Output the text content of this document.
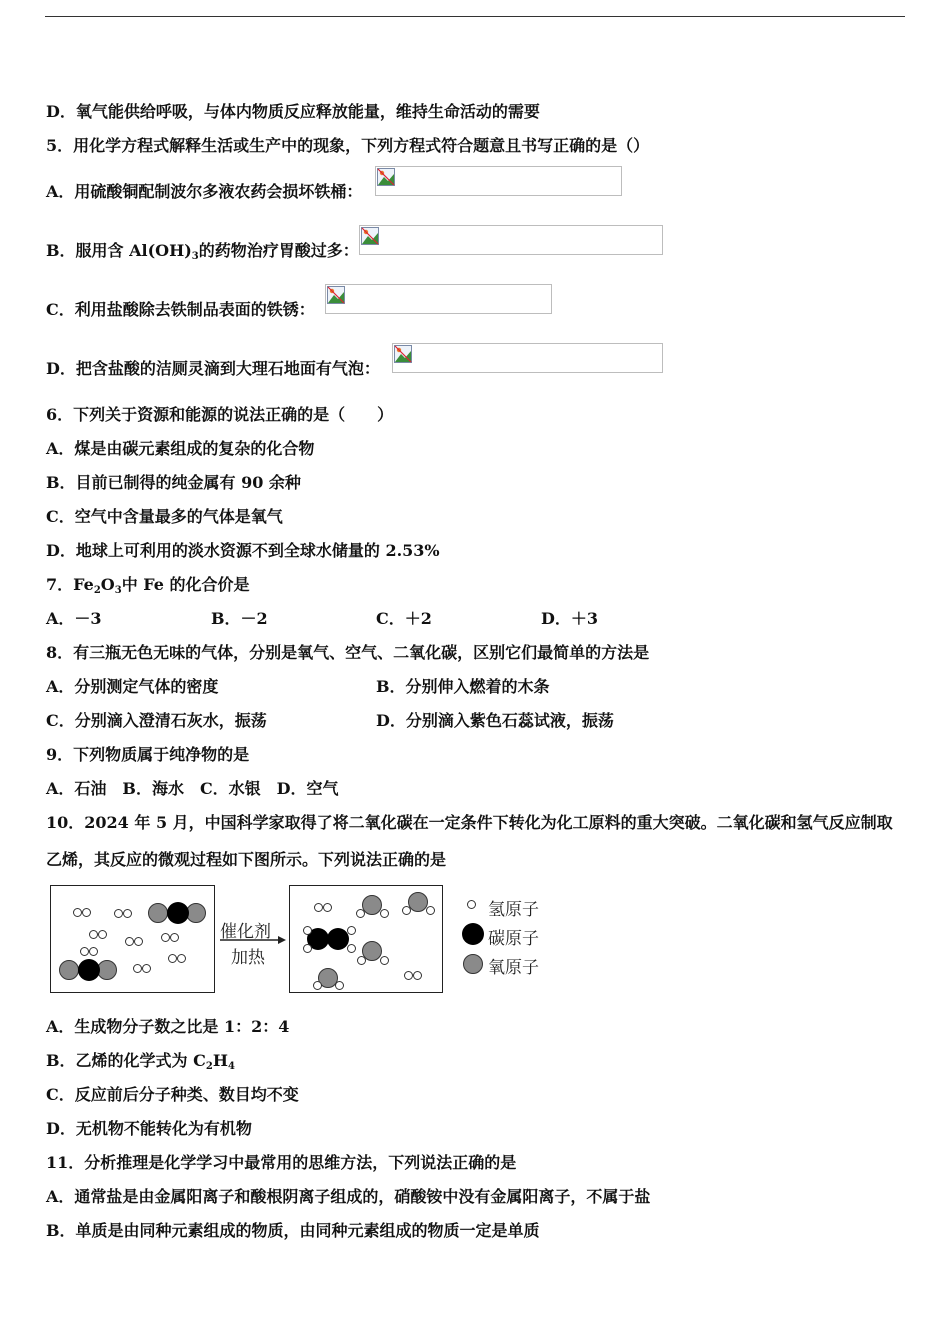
D．氧气能供给呼吸，与体内物质反应释放能量，维持生命活动的需要
5．用化学方程式解释生活或生产中的现象，下列方程式符合题意且书写正确的是（）
A．用硫酸铜配制波尔多液农药会损坏铁桶：
B．服用含 $Al(OH)_3$的药物治疗胃酸过多：
C．利用盐酸除去铁制品表面的铁锈：
D．把含盐酸的洁厕灵滴到大理石地面有气泡：
6．下列关于资源和能源的说法正确的是（　　）
A．煤是由碳元素组成的复杂的化合物
B．目前已制得的纯金属有 90 余种
C．空气中含量最多的气体是氧气
D．地球上可利用的淡水资源不到全球水储量的 2.53%
7．$Fe_2O_3$中 Fe 的化合价是
A．－3	B．－2	C．＋2	D．＋3
8．有三瓶无色无味的气体，分别是氧气、空气、二氧化碳，区别它们最简单的方法是
A．分别测定气体的密度	B．分别伸入燃着的木条
C．分别滴入澄清石灰水，振荡	D．分别滴入紫色石蕊试液，振荡
9．下列物质属于纯净物的是
A．石油　B．海水　C．水银　D．空气
10．2024 年 5 月，中国科学家取得了将二氧化碳在一定条件下转化为化工原料的重大突破。二氧化碳和氢气反应制取
乙烯，其反应的微观过程如下图所示。下列说法正确的是
催化剂
加热
氢原子
碳原子
氧原子
A．生成物分子数之比是 1：2：4
B．乙烯的化学式为 $C_2H_4$
C．反应前后分子种类、数目均不变
D．无机物不能转化为有机物
11．分析推理是化学学习中最常用的思维方法，下列说法正确的是
A．通常盐是由金属阳离子和酸根阴离子组成的，硝酸铵中没有金属阳离子，不属于盐
B．单质是由同种元素组成的物质，由同种元素组成的物质一定是单质
